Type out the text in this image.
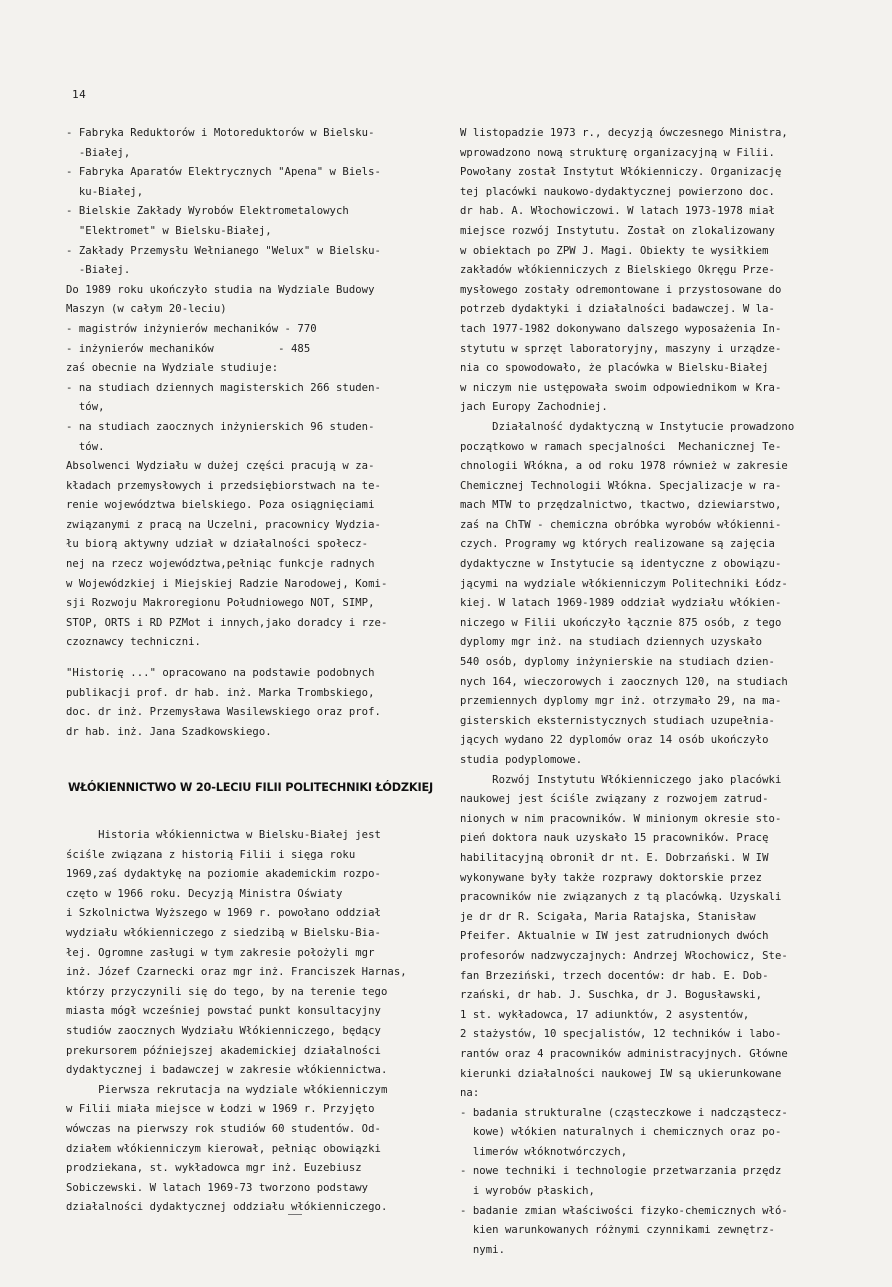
14
- Fabryka Reduktorów i Motoreduktorów w Bielsku-
-Białej,
- Fabryka Aparatów Elektrycznych "Apena" w Biels-
ku-Białej,
- Bielskie Zakłady Wyrobów Elektrometalowych
"Elektromet" w Bielsku-Białej,
- Zakłady Przemysłu Wełnianego "Welux" w Bielsku-
-Białej.
Do 1989 roku ukończyło studia na Wydziale Budowy
Maszyn (w całym 20-leciu)
- magistrów inżynierów mechaników - 770
- inżynierów mechaników          - 485
zaś obecnie na Wydziale studiuje:
- na studiach dziennych magisterskich 266 studen-
tów,
- na studiach zaocznych inżynierskich 96 studen-
tów.
Absolwenci Wydziału w dużej części pracują w za-
kładach przemysłowych i przedsiębiorstwach na te-
renie województwa bielskiego. Poza osiągnięciami
związanymi z pracą na Uczelni, pracownicy Wydzia-
łu biorą aktywny udział w działalności społecz-
nej na rzecz województwa,pełniąc funkcje radnych
w Wojewódzkiej i Miejskiej Radzie Narodowej, Komi-
sji Rozwoju Makroregionu Południowego NOT, SIMP,
STOP, ORTS i RD PZMot i innych,jako doradcy i rze-
czoznawcy techniczni.
"Historię ..." opracowano na podstawie podobnych
publikacji prof. dr hab. inż. Marka Trombskiego,
doc. dr inż. Przemysława Wasilewskiego oraz prof.
dr hab. inż. Jana Szadkowskiego.
WŁÓKIENNICTWO W 20-LECIU FILII POLITECHNIKI ŁÓDZKIEJ
Historia włókiennictwa w Bielsku-Białej jest
ściśle związana z historią Filii i sięga roku
1969,zaś dydaktykę na poziomie akademickim rozpo-
częto w 1966 roku. Decyzją Ministra Oświaty
i Szkolnictwa Wyższego w 1969 r. powołano oddział
wydziału włókienniczego z siedzibą w Bielsku-Bia-
łej. Ogromne zasługi w tym zakresie położyli mgr
inż. Józef Czarnecki oraz mgr inż. Franciszek Harnas,
którzy przyczynili się do tego, by na terenie tego
miasta mógł wcześniej powstać punkt konsultacyjny
studiów zaocznych Wydziału Włókienniczego, będący
prekursorem późniejszej akademickiej działalności
dydaktycznej i badawczej w zakresie włókiennictwa.
Pierwsza rekrutacja na wydziale włókienniczym
w Filii miała miejsce w Łodzi w 1969 r. Przyjęto
wówczas na pierwszy rok studiów 60 studentów. Od-
działem włókienniczym kierował, pełniąc obowiązki
prodziekana, st. wykładowca mgr inż. Euzebiusz
Sobiczewski. W latach 1969-73 tworzono podstawy
działalności dydaktycznej oddziału włókienniczego.
W listopadzie 1973 r., decyzją ówczesnego Ministra,
wprowadzono nową strukturę organizacyjną w Filii.
Powołany został Instytut Włókienniczy. Organizację
tej placówki naukowo-dydaktycznej powierzono doc.
dr hab. A. Włochowiczowi. W latach 1973-1978 miał
miejsce rozwój Instytutu. Został on zlokalizowany
w obiektach po ZPW J. Magi. Obiekty te wysiłkiem
zakładów włókienniczych z Bielskiego Okręgu Prze-
mysłowego zostały odremontowane i przystosowane do
potrzeb dydaktyki i działalności badawczej. W la-
tach 1977-1982 dokonywano dalszego wyposażenia In-
stytutu w sprzęt laboratoryjny, maszyny i urządze-
nia co spowodowało, że placówka w Bielsku-Białej
w niczym nie ustępowała swoim odpowiednikom w Kra-
jach Europy Zachodniej.
Działalność dydaktyczną w Instytucie prowadzono
początkowo w ramach specjalności  Mechanicznej Te-
chnologii Włókna, a od roku 1978 również w zakresie
Chemicznej Technologii Włókna. Specjalizacje w ra-
mach MTW to przędzalnictwo, tkactwo, dziewiarstwo,
zaś na ChTW - chemiczna obróbka wyrobów włókienni-
czych. Programy wg których realizowane są zajęcia
dydaktyczne w Instytucie są identyczne z obowiązu-
jącymi na wydziale włókienniczym Politechniki Łódz-
kiej. W latach 1969-1989 oddział wydziału włókien-
niczego w Filii ukończyło łącznie 875 osób, z tego
dyplomy mgr inż. na studiach dziennych uzyskało
540 osób, dyplomy inżynierskie na studiach dzien-
nych 164, wieczorowych i zaocznych 120, na studiach
przemiennych dyplomy mgr inż. otrzymało 29, na ma-
gisterskich eksternistycznych studiach uzupełnia-
jących wydano 22 dyplomów oraz 14 osób ukończyło
studia podyplomowe.
Rozwój Instytutu Włókienniczego jako placówki
naukowej jest ściśle związany z rozwojem zatrud-
nionych w nim pracowników. W minionym okresie sto-
pień doktora nauk uzyskało 15 pracowników. Pracę
habilitacyjną obronił dr nt. E. Dobrzański. W IW
wykonywane były także rozprawy doktorskie przez
pracowników nie związanych z tą placówką. Uzyskali
je dr dr R. Scigała, Maria Ratajska, Stanisław
Pfeifer. Aktualnie w IW jest zatrudnionych dwóch
profesorów nadzwyczajnych: Andrzej Włochowicz, Ste-
fan Brzeziński, trzech docentów: dr hab. E. Dob-
rzański, dr hab. J. Suschka, dr J. Bogusławski,
1 st. wykładowca, 17 adiunktów, 2 asystentów,
2 stażystów, 10 specjalistów, 12 techników i labo-
rantów oraz 4 pracowników administracyjnych. Główne
kierunki działalności naukowej IW są ukierunkowane
na:
- badania strukturalne (cząsteczkowe i nadcząstecz-
kowe) włókien naturalnych i chemicznych oraz po-
limerów włóknotwórczych,
- nowe techniki i technologie przetwarzania przędz
i wyrobów płaskich,
- badanie zmian właściwości fizyko-chemicznych włó-
kien warunkowanych różnymi czynnikami zewnętrz-
nymi.
